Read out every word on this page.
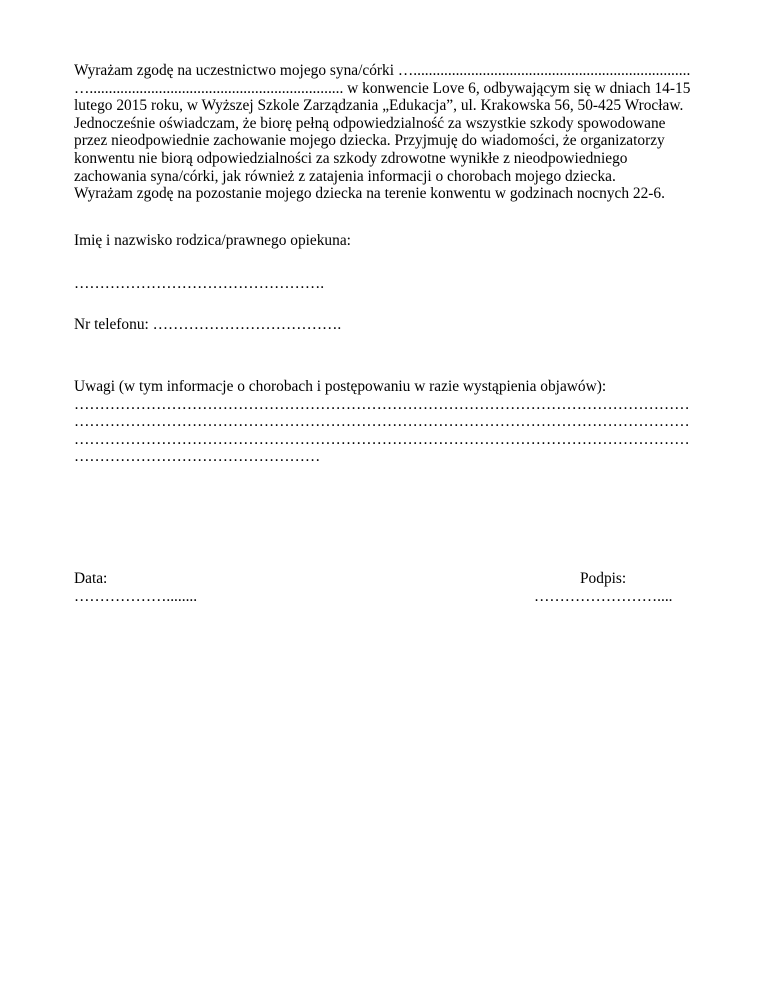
Wyrażam zgodę na uczestnictwo mojego syna/córki …........................................................................
….................................................................. w konwencie Love 6, odbywającym się w dniach 14-15
lutego 2015 roku, w Wyższej Szkole Zarządzania „Edukacja”, ul. Krakowska 56, 50-425 Wrocław.
Jednocześnie oświadczam, że biorę pełną odpowiedzialność za wszystkie szkody spowodowane
przez nieodpowiednie zachowanie mojego dziecka. Przyjmuję do wiadomości, że organizatorzy
konwentu nie biorą odpowiedzialności za szkody zdrowotne wynikłe z nieodpowiedniego
zachowania syna/córki, jak również z zatajenia informacji o chorobach mojego dziecka.
Wyrażam zgodę na pozostanie mojego dziecka na terenie konwentu w godzinach nocnych 22-6.

Imię i nazwisko rodzica/prawnego opiekuna:
………………………………………….
Nr telefonu: ……………………………….
Uwagi (w tym informacje o chorobach i postępowaniu w razie wystąpienia objawów):
…………………………………………………………………………………………………………
…………………………………………………………………………………………………………
…………………………………………………………………………………………………………
…………………………………………
Data:
………………........
Podpis:
……………………....
